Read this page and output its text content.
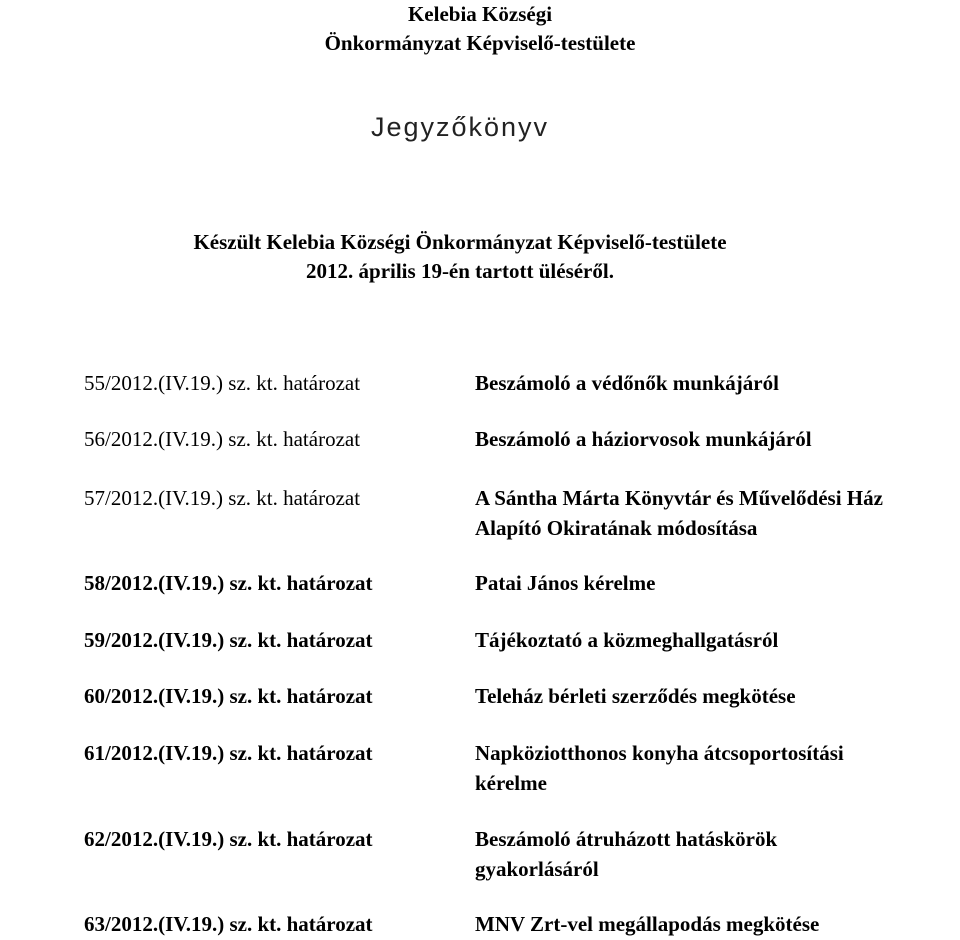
Kelebia Községi
Önkormányzat Képviselő-testülete
Jegyzőkönyv
Készült Kelebia Községi Önkormányzat Képviselő-testülete
2012. április 19-én tartott üléséről.
55/2012.(IV.19.) sz. kt. határozat	Beszámoló a védőnők munkájáról
56/2012.(IV.19.) sz. kt. határozat	Beszámoló a háziorvosok munkájáról
57/2012.(IV.19.) sz. kt. határozat	A Sántha Márta Könyvtár és Művelődési Ház
Alapító Okiratának módosítása
58/2012.(IV.19.) sz. kt. határozat	Patai János kérelme
59/2012.(IV.19.) sz. kt. határozat	Tájékoztató a közmeghallgatásról
60/2012.(IV.19.) sz. kt. határozat	Teleház bérleti szerződés megkötése
61/2012.(IV.19.) sz. kt. határozat	Napköziotthonos konyha átcsoportosítási
kérelme
62/2012.(IV.19.) sz. kt. határozat	Beszámoló átruházott hatáskörök
gyakorlásáról
63/2012.(IV.19.) sz. kt. határozat	MNV Zrt-vel megállapodás megkötése
